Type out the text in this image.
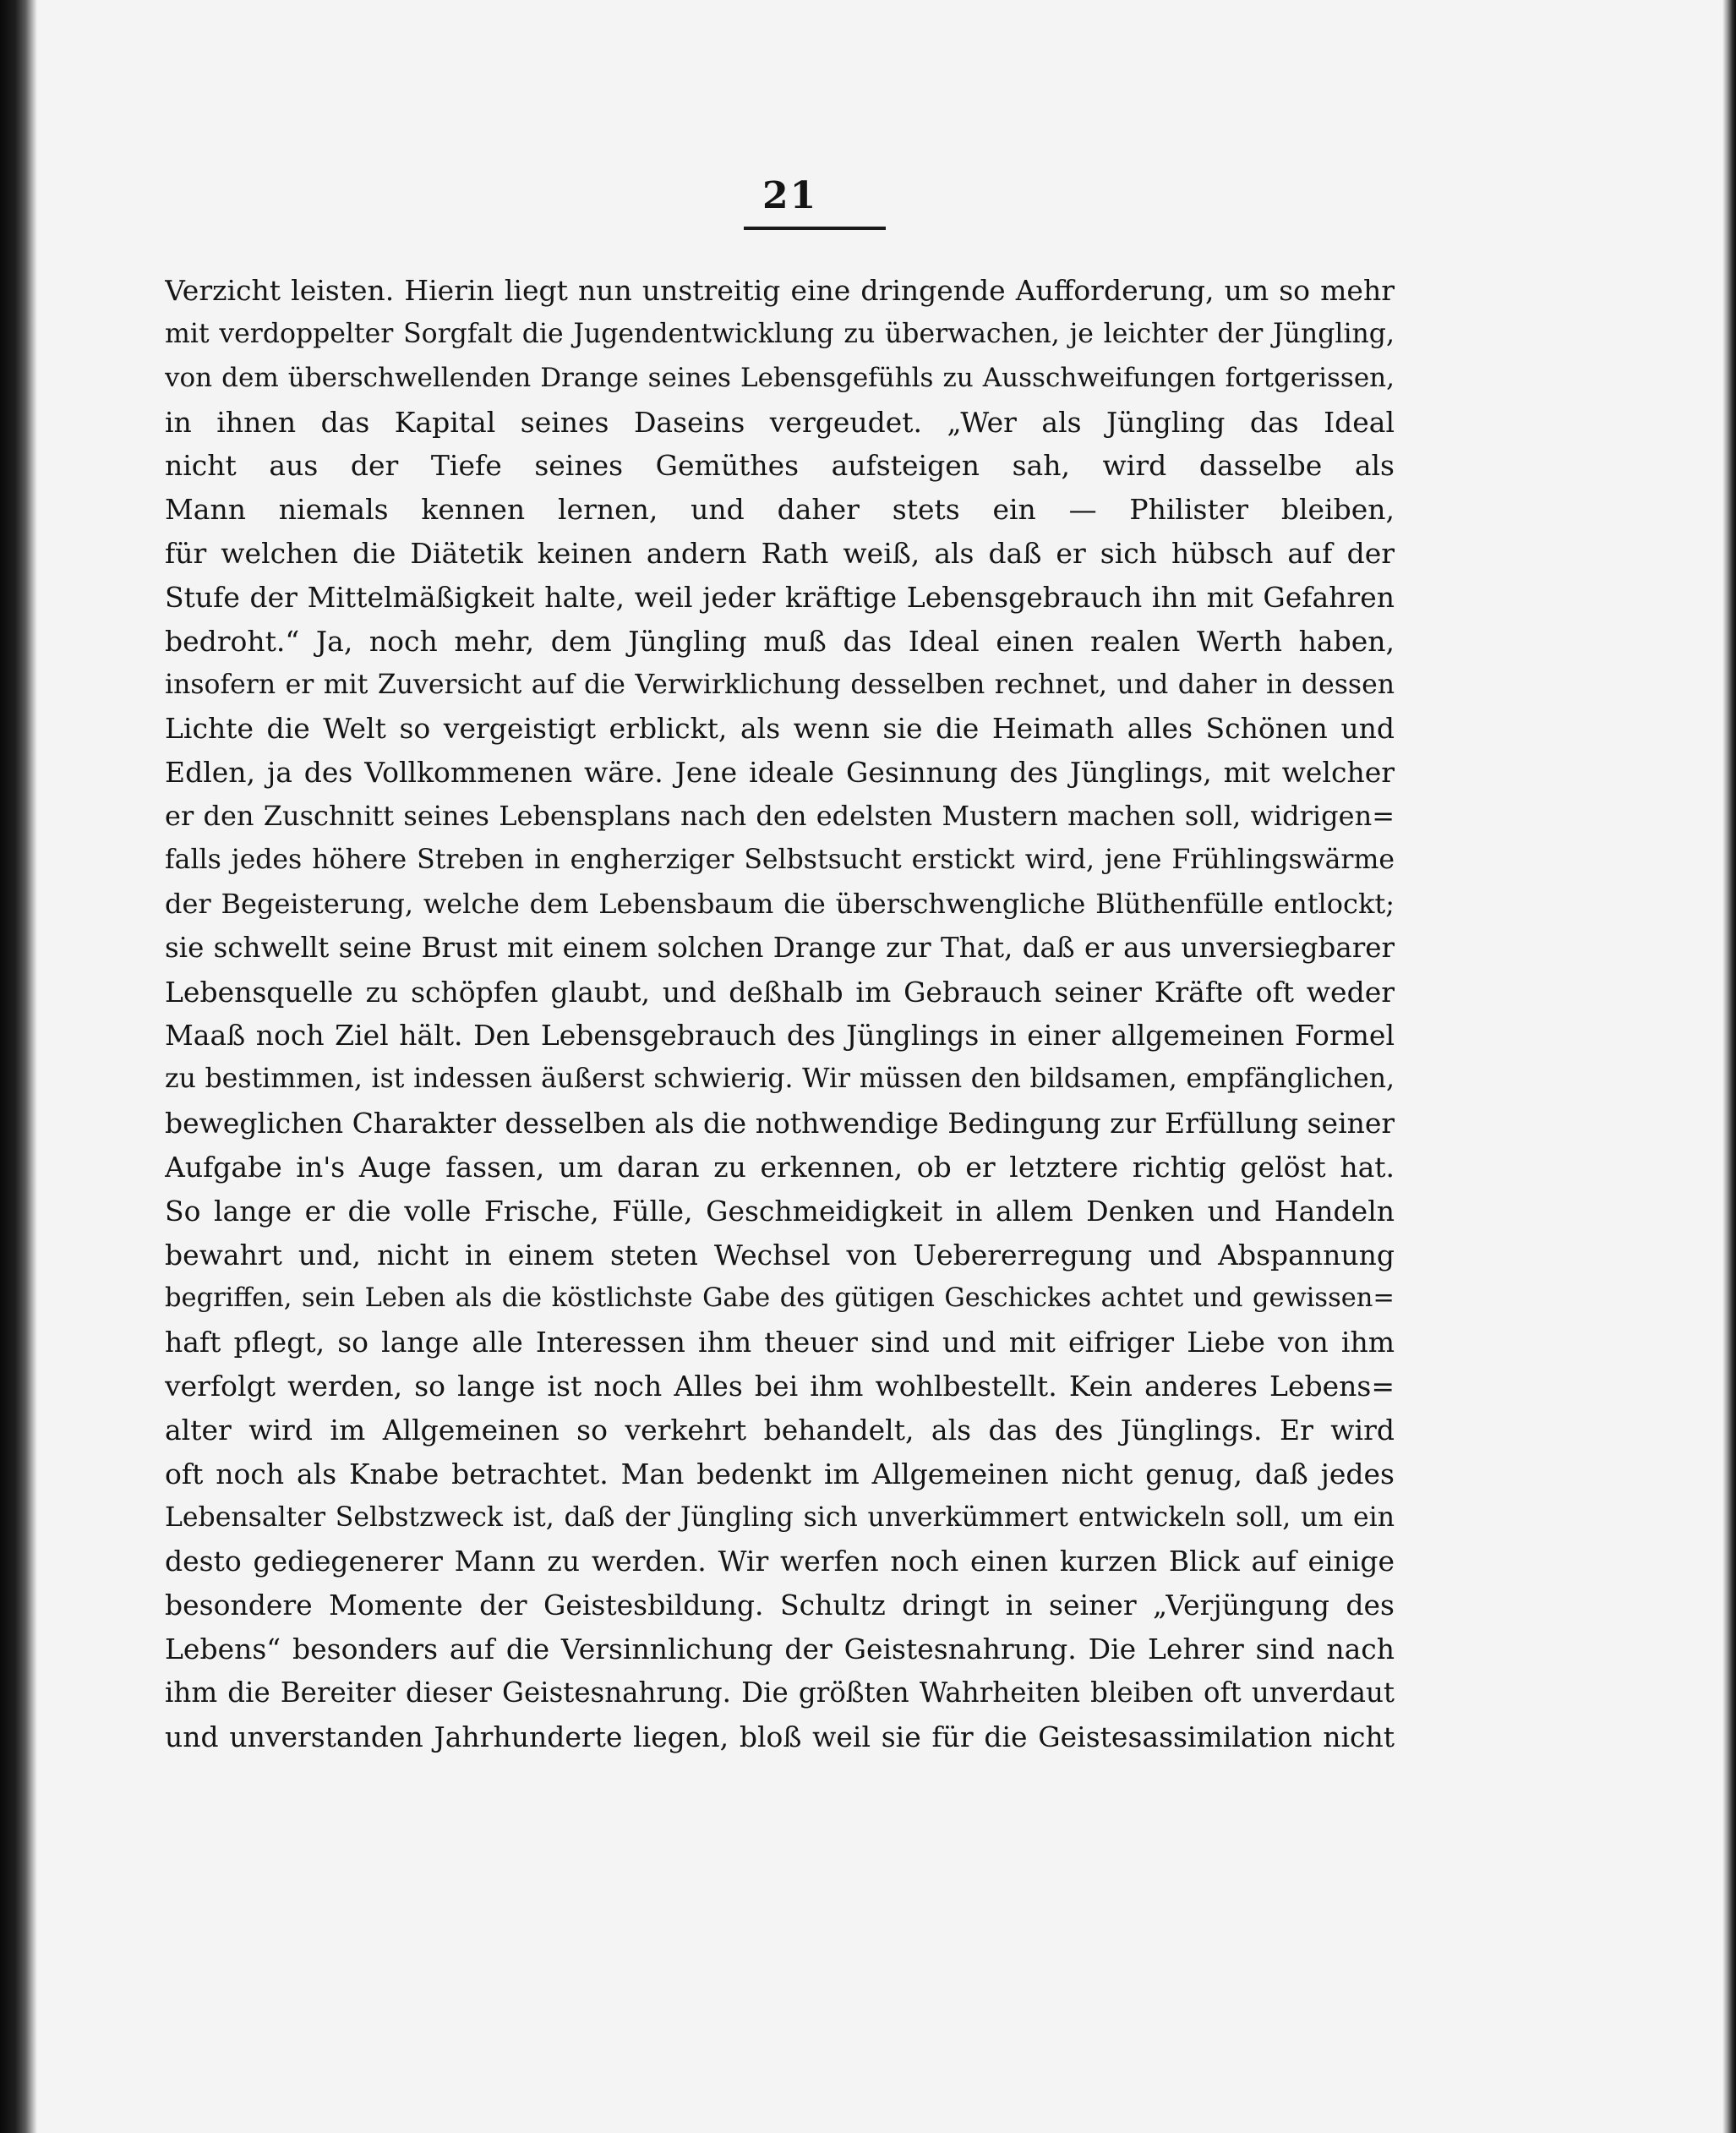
21
Verzicht leisten. Hierin liegt nun unstreitig eine dringende Aufforderung, um so mehr
mit verdoppelter Sorgfalt die Jugendentwicklung zu überwachen, je leichter der Jüngling,
von dem überschwellenden Drange seines Lebensgefühls zu Ausschweifungen fortgerissen,
in ihnen das Kapital seines Daseins vergeudet. „Wer als Jüngling das Ideal
nicht aus der Tiefe seines Gemüthes aufsteigen sah, wird dasselbe als
Mann niemals kennen lernen, und daher stets ein — Philister bleiben,
für welchen die Diätetik keinen andern Rath weiß, als daß er sich hübsch auf der
Stufe der Mittelmäßigkeit halte, weil jeder kräftige Lebensgebrauch ihn mit Gefahren
bedroht.“ Ja, noch mehr, dem Jüngling muß das Ideal einen realen Werth haben,
insofern er mit Zuversicht auf die Verwirklichung desselben rechnet, und daher in dessen
Lichte die Welt so vergeistigt erblickt, als wenn sie die Heimath alles Schönen und
Edlen, ja des Vollkommenen wäre. Jene ideale Gesinnung des Jünglings, mit welcher
er den Zuschnitt seines Lebensplans nach den edelsten Mustern machen soll, widrigen=
falls jedes höhere Streben in engherziger Selbstsucht erstickt wird, jene Frühlingswärme
der Begeisterung, welche dem Lebensbaum die überschwengliche Blüthenfülle entlockt;
sie schwellt seine Brust mit einem solchen Drange zur That, daß er aus unversiegbarer
Lebensquelle zu schöpfen glaubt, und deßhalb im Gebrauch seiner Kräfte oft weder
Maaß noch Ziel hält. Den Lebensgebrauch des Jünglings in einer allgemeinen Formel
zu bestimmen, ist indessen äußerst schwierig. Wir müssen den bildsamen, empfänglichen,
beweglichen Charakter desselben als die nothwendige Bedingung zur Erfüllung seiner
Aufgabe in's Auge fassen, um daran zu erkennen, ob er letztere richtig gelöst hat.
So lange er die volle Frische, Fülle, Geschmeidigkeit in allem Denken und Handeln
bewahrt und, nicht in einem steten Wechsel von Uebererregung und Abspannung
begriffen, sein Leben als die köstlichste Gabe des gütigen Geschickes achtet und gewissen=
haft pflegt, so lange alle Interessen ihm theuer sind und mit eifriger Liebe von ihm
verfolgt werden, so lange ist noch Alles bei ihm wohlbestellt. Kein anderes Lebens=
alter wird im Allgemeinen so verkehrt behandelt, als das des Jünglings. Er wird
oft noch als Knabe betrachtet. Man bedenkt im Allgemeinen nicht genug, daß jedes
Lebensalter Selbstzweck ist, daß der Jüngling sich unverkümmert entwickeln soll, um ein
desto gediegenerer Mann zu werden. Wir werfen noch einen kurzen Blick auf einige
besondere Momente der Geistesbildung. Schultz dringt in seiner „Verjüngung des
Lebens“ besonders auf die Versinnlichung der Geistesnahrung. Die Lehrer sind nach
ihm die Bereiter dieser Geistesnahrung. Die größten Wahrheiten bleiben oft unverdaut
und unverstanden Jahrhunderte liegen, bloß weil sie für die Geistesassimilation nicht
